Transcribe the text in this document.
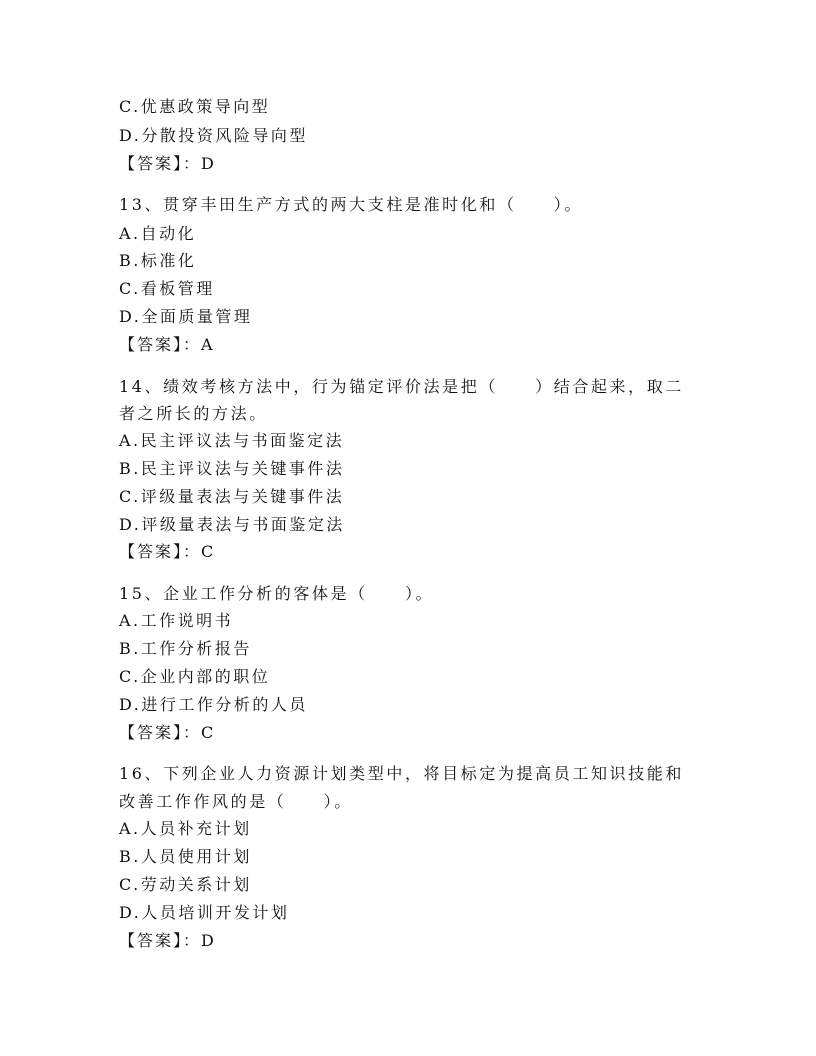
C.优惠政策导向型
D.分散投资风险导向型
【答案】：D
13、贯穿丰田生产方式的两大支柱是准时化和（　　）。
A.自动化
B.标准化
C.看板管理
D.全面质量管理
【答案】：A
14、绩效考核方法中，行为锚定评价法是把（　　）结合起来，取二
者之所长的方法。
A.民主评议法与书面鉴定法
B.民主评议法与关键事件法
C.评级量表法与关键事件法
D.评级量表法与书面鉴定法
【答案】：C
15、企业工作分析的客体是（　　）。
A.工作说明书
B.工作分析报告
C.企业内部的职位
D.进行工作分析的人员
【答案】：C
16、下列企业人力资源计划类型中，将目标定为提高员工知识技能和
改善工作作风的是（　　）。
A.人员补充计划
B.人员使用计划
C.劳动关系计划
D.人员培训开发计划
【答案】：D
